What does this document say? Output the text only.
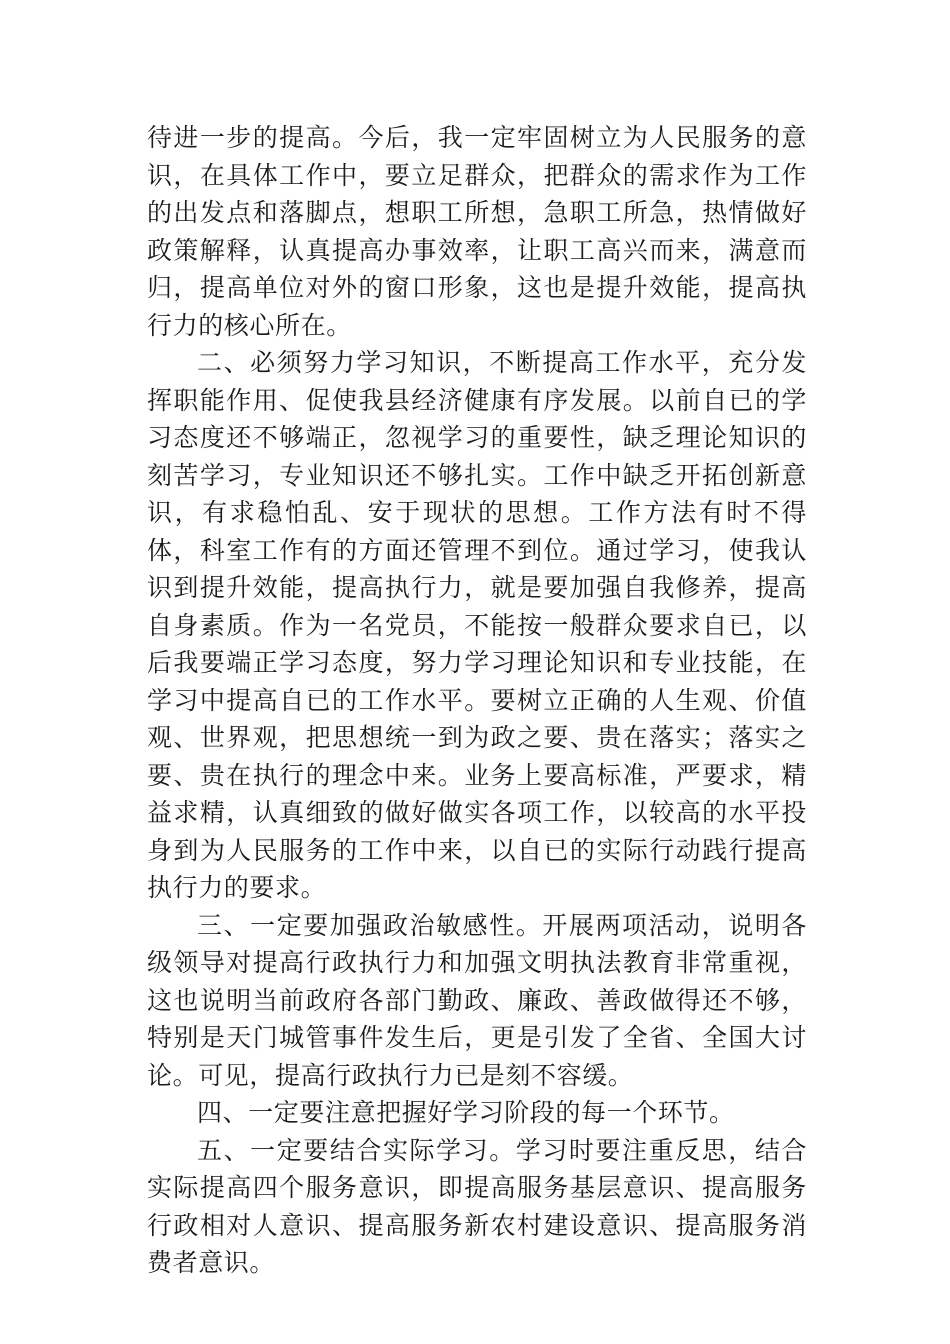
待进一步的提高。今后，我一定牢固树立为人民服务的意识，在具体工作中，要立足群众，把群众的需求作为工作的出发点和落脚点，想职工所想，急职工所急，热情做好政策解释，认真提高办事效率，让职工高兴而来，满意而归，提高单位对外的窗口形象，这也是提升效能，提高执行力的核心所在。

二、必须努力学习知识，不断提高工作水平，充分发挥职能作用、促使我县经济健康有序发展。以前自已的学习态度还不够端正，忽视学习的重要性，缺乏理论知识的刻苦学习，专业知识还不够扎实。工作中缺乏开拓创新意识，有求稳怕乱、安于现状的思想。工作方法有时不得体，科室工作有的方面还管理不到位。通过学习，使我认识到提升效能，提高执行力，就是要加强自我修养，提高自身素质。作为一名党员，不能按一般群众要求自已，以后我要端正学习态度，努力学习理论知识和专业技能，在学习中提高自已的工作水平。要树立正确的人生观、价值观、世界观，把思想统一到为政之要、贵在落实；落实之要、贵在执行的理念中来。业务上要高标准，严要求，精益求精，认真细致的做好做实各项工作，以较高的水平投身到为人民服务的工作中来，以自已的实际行动践行提高执行力的要求。

三、一定要加强政治敏感性。开展两项活动，说明各级领导对提高行政执行力和加强文明执法教育非常重视，这也说明当前政府各部门勤政、廉政、善政做得还不够，特别是天门城管事件发生后，更是引发了全省、全国大讨论。可见，提高行政执行力已是刻不容缓。

四、一定要注意把握好学习阶段的每一个环节。

五、一定要结合实际学习。学习时要注重反思，结合实际提高四个服务意识，即提高服务基层意识、提高服务行政相对人意识、提高服务新农村建设意识、提高服务消费者意识。
